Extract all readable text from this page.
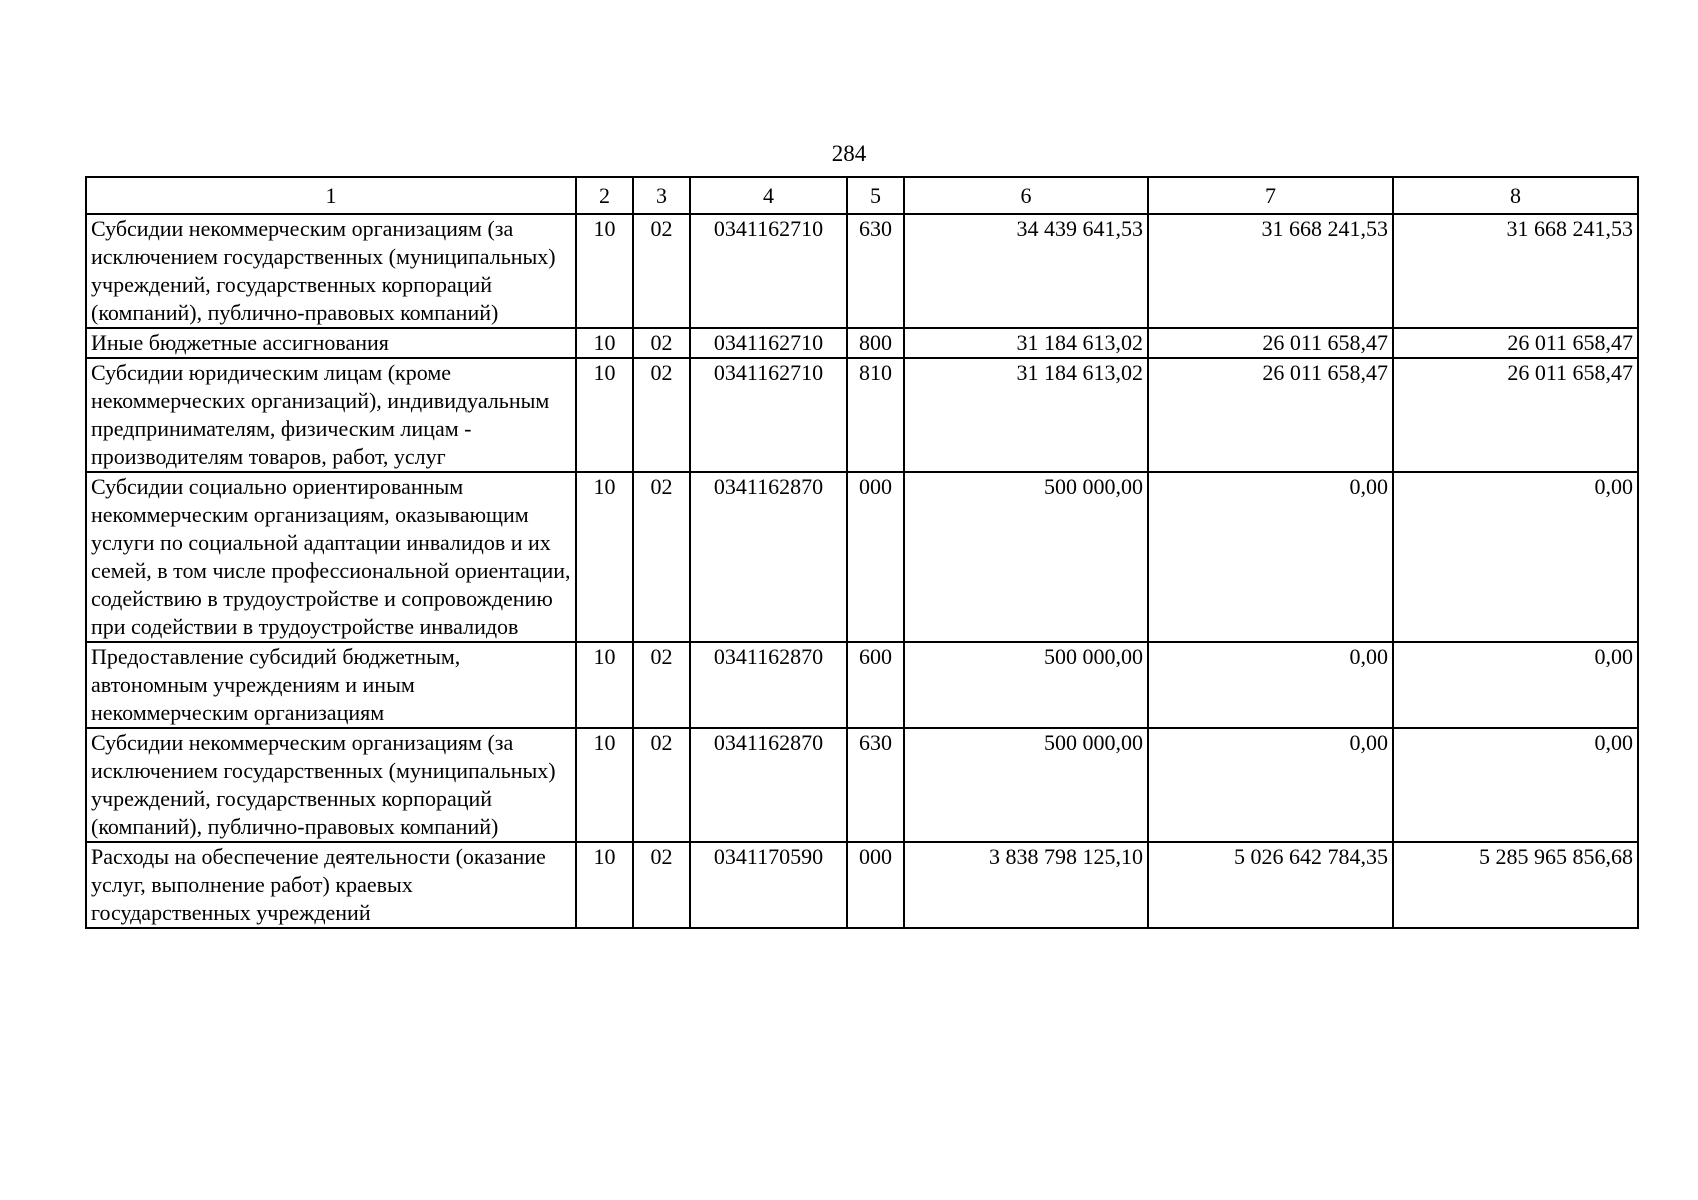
284
1	2	3	4	5	6	7	8
Субсидии некоммерческим организациям (за исключением государственных (муниципальных) учреждений, государственных корпораций (компаний), публично-правовых компаний)	10	02	0341162710	630	34 439 641,53	31 668 241,53	31 668 241,53
Иные бюджетные ассигнования	10	02	0341162710	800	31 184 613,02	26 011 658,47	26 011 658,47
Субсидии юридическим лицам (кроме некоммерческих организаций), индивидуальным предпринимателям, физическим лицам - производителям товаров, работ, услуг	10	02	0341162710	810	31 184 613,02	26 011 658,47	26 011 658,47
Субсидии социально ориентированным некоммерческим организациям, оказывающим услуги по социальной адаптации инвалидов и их семей, в том числе профессиональной ориентации, содействию в трудоустройстве и сопровождению при содействии в трудоустройстве инвалидов	10	02	0341162870	000	500 000,00	0,00	0,00
Предоставление субсидий бюджетным, автономным учреждениям и иным некоммерческим организациям	10	02	0341162870	600	500 000,00	0,00	0,00
Субсидии некоммерческим организациям (за исключением государственных (муниципальных) учреждений, государственных корпораций (компаний), публично-правовых компаний)	10	02	0341162870	630	500 000,00	0,00	0,00
Расходы на обеспечение деятельности (оказание услуг, выполнение работ) краевых государственных учреждений	10	02	0341170590	000	3 838 798 125,10	5 026 642 784,35	5 285 965 856,68
